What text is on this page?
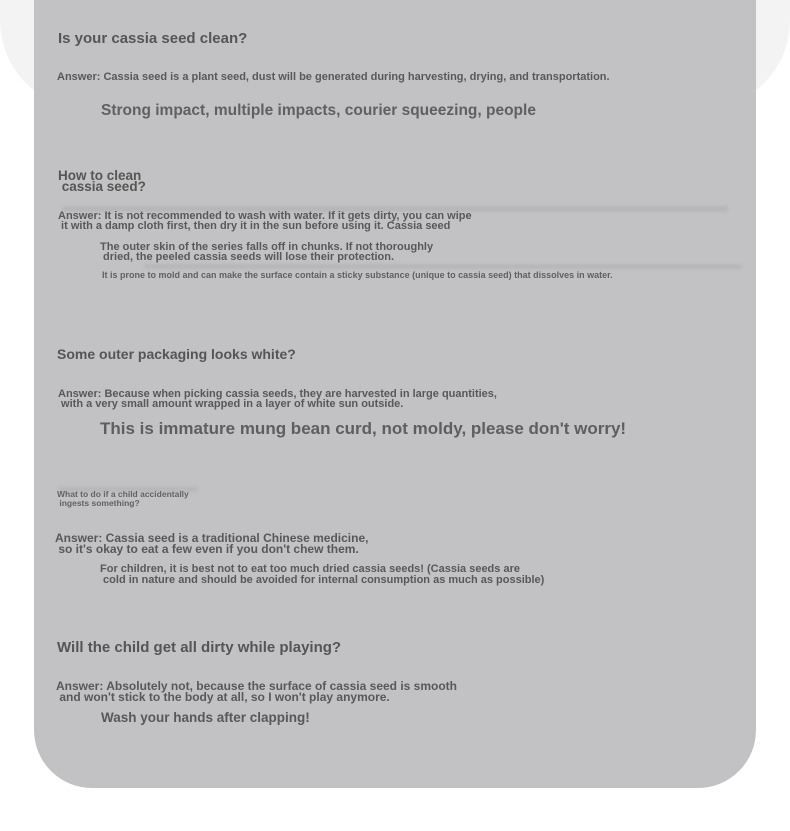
Is your cassia seed clean?

Answer: Cassia seed is a plant seed, dust will be generated during harvesting, drying, and transportation.

Strong impact, multiple impacts, courier squeezing, people

How to clean

cassia seed?

Answer: It is not recommended to wash with water. If it gets dirty, you can wipe

it with a damp cloth first, then dry it in the sun before using it. Cassia seed

The outer skin of the series falls off in chunks. If not thoroughly

dried, the peeled cassia seeds will lose their protection.

It is prone to mold and can make the surface contain a sticky substance (unique to cassia seed) that dissolves in water.

Some outer packaging looks white?

Answer: Because when picking cassia seeds, they are harvested in large quantities,

with a very small amount wrapped in a layer of white sun outside.

This is immature mung bean curd, not moldy, please don't worry!

What to do if a child accidentally

ingests something?

Answer: Cassia seed is a traditional Chinese medicine,

so it's okay to eat a few even if you don't chew them.

For children, it is best not to eat too much dried cassia seeds! (Cassia seeds are

cold in nature and should be avoided for internal consumption as much as possible)

Will the child get all dirty while playing?

Answer: Absolutely not, because the surface of cassia seed is smooth

and won't stick to the body at all, so I won't play anymore.

Wash your hands after clapping!
